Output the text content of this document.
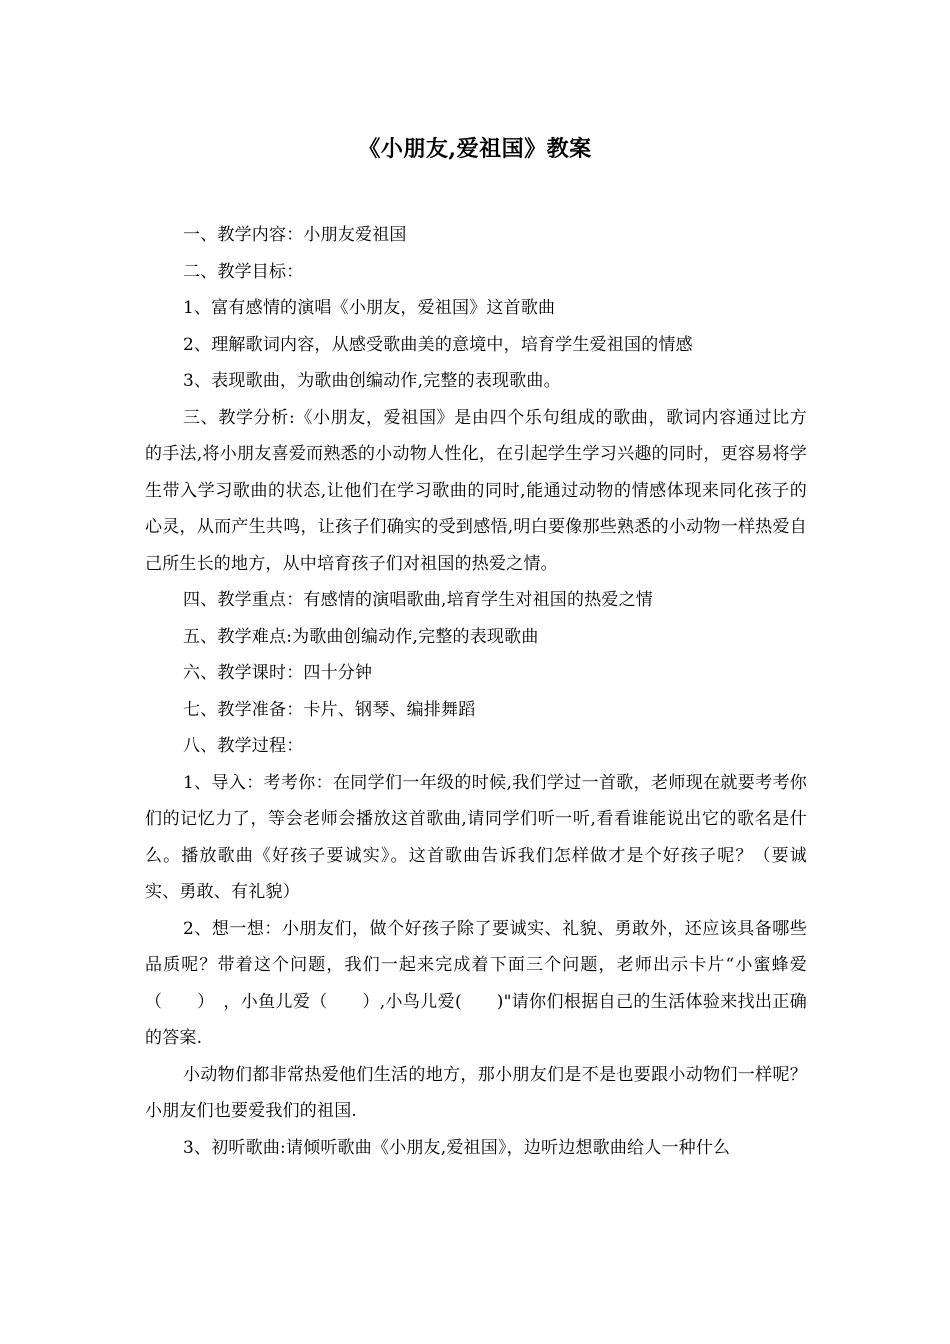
《小朋友,爱祖国》教案

一、教学内容：小朋友爱祖国

二、教学目标：

1、富有感情的演唱《小朋友，爱祖国》这首歌曲

2、理解歌词内容，从感受歌曲美的意境中，培育学生爱祖国的情感

3、表现歌曲，为歌曲创编动作,完整的表现歌曲。

三、教学分析:《小朋友，爱祖国》是由四个乐句组成的歌曲，歌词内容通过比方的手法,将小朋友喜爱而熟悉的小动物人性化，在引起学生学习兴趣的同时，更容易将学生带入学习歌曲的状态,让他们在学习歌曲的同时,能通过动物的情感体现来同化孩子的心灵，从而产生共鸣，让孩子们确实的受到感悟,明白要像那些熟悉的小动物一样热爱自己所生长的地方，从中培育孩子们对祖国的热爱之情。

四、教学重点：有感情的演唱歌曲,培育学生对祖国的热爱之情

五、教学难点:为歌曲创编动作,完整的表现歌曲

六、教学课时：四十分钟

七、教学准备：卡片、钢琴、编排舞蹈

八、教学过程：

1、导入：考考你：在同学们一年级的时候,我们学过一首歌，老师现在就要考考你们的记忆力了，等会老师会播放这首歌曲,请同学们听一听,看看谁能说出它的歌名是什么。播放歌曲《好孩子要诚实》。这首歌曲告诉我们怎样做才是个好孩子呢？（要诚实、勇敢、有礼貌）

2、想一想：小朋友们，做个好孩子除了要诚实、礼貌、勇敢外，还应该具备哪些品质呢？带着这个问题，我们一起来完成着下面三个问题，老师出示卡片“小蜜蜂爱（　　）　，小鱼儿爱（　　）,小鸟儿爱(　　)"请你们根据自己的生活体验来找出正确的答案.

小动物们都非常热爱他们生活的地方，那小朋友们是不是也要跟小动物们一样呢？小朋友们也要爱我们的祖国.

3、初听歌曲:请倾听歌曲《小朋友,爱祖国》，边听边想歌曲给人一种什么
